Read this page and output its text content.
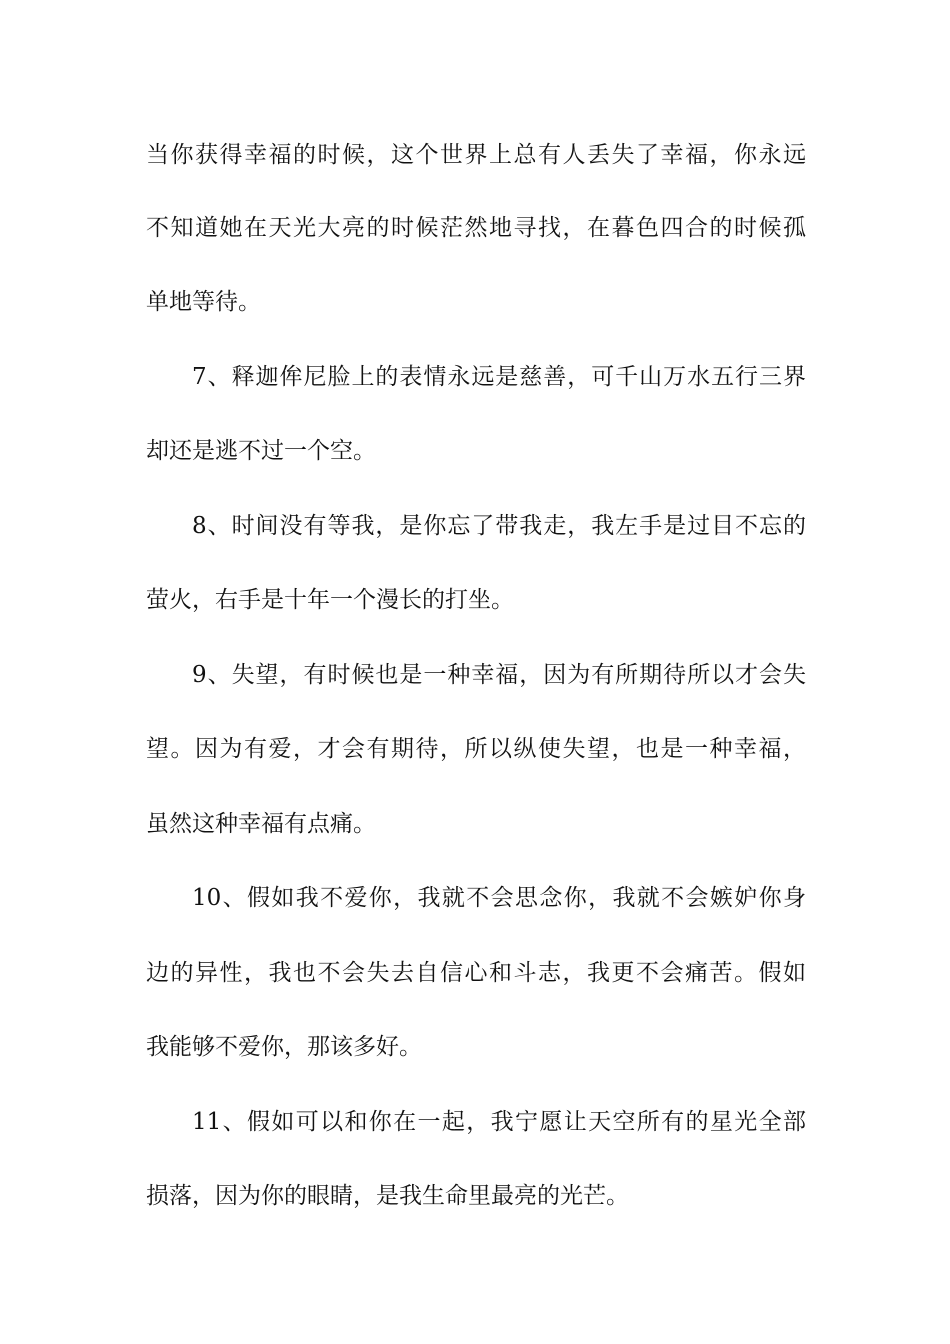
当你获得幸福的时候，这个世界上总有人丢失了幸福，你永远
不知道她在天光大亮的时候茫然地寻找，在暮色四合的时候孤
单地等待。
7、释迦侔尼脸上的表情永远是慈善，可千山万水五行三界
却还是逃不过一个空。
8、时间没有等我，是你忘了带我走，我左手是过目不忘的
萤火，右手是十年一个漫长的打坐。
9、失望，有时候也是一种幸福，因为有所期待所以才会失
望。因为有爱，才会有期待，所以纵使失望，也是一种幸福，
虽然这种幸福有点痛。
10、假如我不爱你，我就不会思念你，我就不会嫉妒你身
边的异性，我也不会失去自信心和斗志，我更不会痛苦。假如
我能够不爱你，那该多好。
11、假如可以和你在一起，我宁愿让天空所有的星光全部
损落，因为你的眼睛，是我生命里最亮的光芒。
